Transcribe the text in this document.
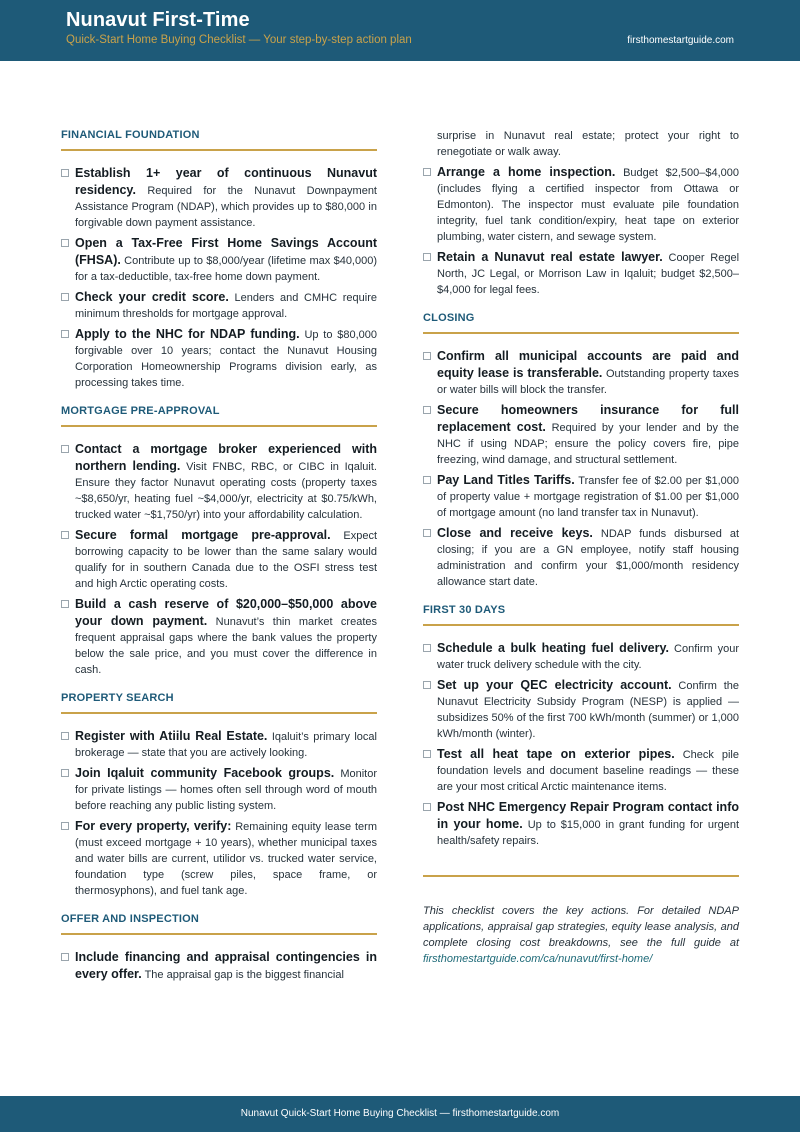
Nunavut First-Time
Quick-Start Home Buying Checklist — Your step-by-step action plan	firsthomestartguide.com
FINANCIAL FOUNDATION
Establish 1+ year of continuous Nunavut residency. Required for the Nunavut Downpayment Assistance Program (NDAP), which provides up to $80,000 in forgivable down payment assistance.
Open a Tax-Free First Home Savings Account (FHSA). Contribute up to $8,000/year (lifetime max $40,000) for a tax-deductible, tax-free home down payment.
Check your credit score. Lenders and CMHC require minimum thresholds for mortgage approval.
Apply to the NHC for NDAP funding. Up to $80,000 forgivable over 10 years; contact the Nunavut Housing Corporation Homeownership Programs division early, as processing takes time.
MORTGAGE PRE-APPROVAL
Contact a mortgage broker experienced with northern lending. Visit FNBC, RBC, or CIBC in Iqaluit. Ensure they factor Nunavut operating costs (property taxes ~$8,650/yr, heating fuel ~$4,000/yr, electricity at $0.75/kWh, trucked water ~$1,750/yr) into your affordability calculation.
Secure formal mortgage pre-approval. Expect borrowing capacity to be lower than the same salary would qualify for in southern Canada due to the OSFI stress test and high Arctic operating costs.
Build a cash reserve of $20,000–$50,000 above your down payment. Nunavut’s thin market creates frequent appraisal gaps where the bank values the property below the sale price, and you must cover the difference in cash.
PROPERTY SEARCH
Register with Atiilu Real Estate. Iqaluit’s primary local brokerage — state that you are actively looking.
Join Iqaluit community Facebook groups. Monitor for private listings — homes often sell through word of mouth before reaching any public listing system.
For every property, verify: Remaining equity lease term (must exceed mortgage + 10 years), whether municipal taxes and water bills are current, utilidor vs. trucked water service, foundation type (screw piles, space frame, or thermosyphons), and fuel tank age.
OFFER AND INSPECTION
Include financing and appraisal contingencies in every offer. The appraisal gap is the biggest financial
surprise in Nunavut real estate; protect your right to renegotiate or walk away.
Arrange a home inspection. Budget $2,500–$4,000 (includes flying a certified inspector from Ottawa or Edmonton). The inspector must evaluate pile foundation integrity, fuel tank condition/expiry, heat tape on exterior plumbing, water cistern, and sewage system.
Retain a Nunavut real estate lawyer. Cooper Regel North, JC Legal, or Morrison Law in Iqaluit; budget $2,500–$4,000 for legal fees.
CLOSING
Confirm all municipal accounts are paid and equity lease is transferable. Outstanding property taxes or water bills will block the transfer.
Secure homeowners insurance for full replacement cost. Required by your lender and by the NHC if using NDAP; ensure the policy covers fire, pipe freezing, wind damage, and structural settlement.
Pay Land Titles Tariffs. Transfer fee of $2.00 per $1,000 of property value + mortgage registration of $1.00 per $1,000 of mortgage amount (no land transfer tax in Nunavut).
Close and receive keys. NDAP funds disbursed at closing; if you are a GN employee, notify staff housing administration and confirm your $1,000/month residency allowance start date.
FIRST 30 DAYS
Schedule a bulk heating fuel delivery. Confirm your water truck delivery schedule with the city.
Set up your QEC electricity account. Confirm the Nunavut Electricity Subsidy Program (NESP) is applied — subsidizes 50% of the first 700 kWh/month (summer) or 1,000 kWh/month (winter).
Test all heat tape on exterior pipes. Check pile foundation levels and document baseline readings — these are your most critical Arctic maintenance items.
Post NHC Emergency Repair Program contact info in your home. Up to $15,000 in grant funding for urgent health/safety repairs.
This checklist covers the key actions. For detailed NDAP applications, appraisal gap strategies, equity lease analysis, and complete closing cost breakdowns, see the full guide at firsthomestartguide.com/ca/nunavut/first-home/
Nunavut Quick-Start Home Buying Checklist — firsthomestartguide.com
